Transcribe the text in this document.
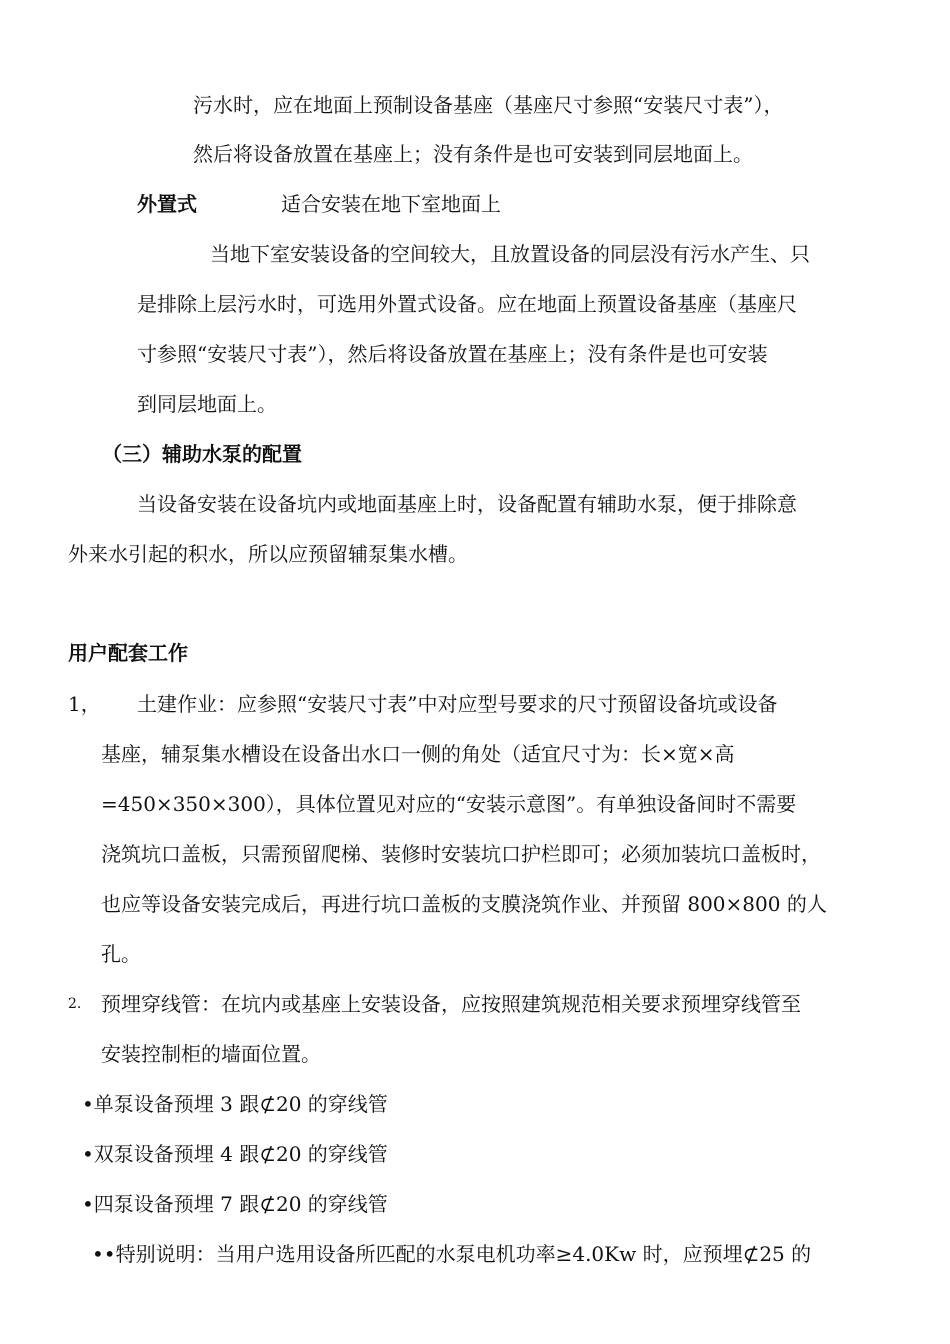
污水时，应在地面上预制设备基座（基座尺寸参照“安装尺寸表”），
然后将设备放置在基座上；没有条件是也可安装到同层地面上。
外置式	适合安装在地下室地面上
当地下室安装设备的空间较大，且放置设备的同层没有污水产生、只
是排除上层污水时，可选用外置式设备。应在地面上预置设备基座（基座尺
寸参照“安装尺寸表”），然后将设备放置在基座上；没有条件是也可安装
到同层地面上。
（三）辅助水泵的配置
当设备安装在设备坑内或地面基座上时，设备配置有辅助水泵，便于排除意
外来水引起的积水，所以应预留辅泵集水槽。
用户配套工作
1， 土建作业：应参照“安装尺寸表”中对应型号要求的尺寸预留设备坑或设备
基座，辅泵集水槽设在设备出水口一侧的角处（适宜尺寸为：长×宽×高
=450×350×300），具体位置见对应的“安装示意图”。有单独设备间时不需要
浇筑坑口盖板，只需预留爬梯、装修时安装坑口护栏即可；必须加装坑口盖板时，
也应等设备安装完成后，再进行坑口盖板的支膜浇筑作业、并预留 800×800 的人
孔。
2. 预埋穿线管：在坑内或基座上安装设备，应按照建筑规范相关要求预埋穿线管至
安装控制柜的墙面位置。
•单泵设备预埋 3 跟⊄20 的穿线管
•双泵设备预埋 4 跟⊄20 的穿线管
•四泵设备预埋 7 跟⊄20 的穿线管
••特别说明：当用户选用设备所匹配的水泵电机功率≥4.0Kw 时，应预埋⊄25 的
